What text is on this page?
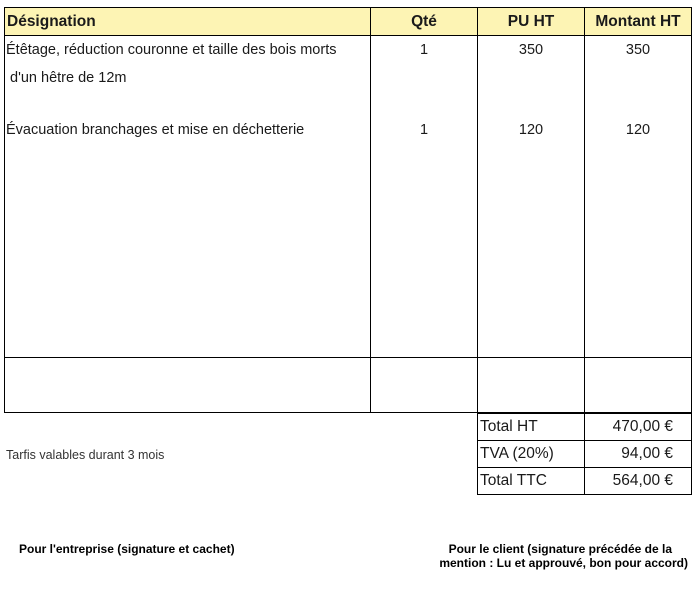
Désignation	Qté	PU HT	Montant HT

Étêtage, réduction couronne et taille des bois morts
d'un hêtre de 12m	1	350	350

Évacuation branchages et mise en déchetterie	1	120	120

Total HT	470,00 €
TVA (20%)	94,00 €
Total TTC	564,00 €
Tarfis valables durant 3 mois
Pour l'entreprise (signature et cachet)	Pour le client (signature précédée de la
mention : Lu et approuvé, bon pour accord)
